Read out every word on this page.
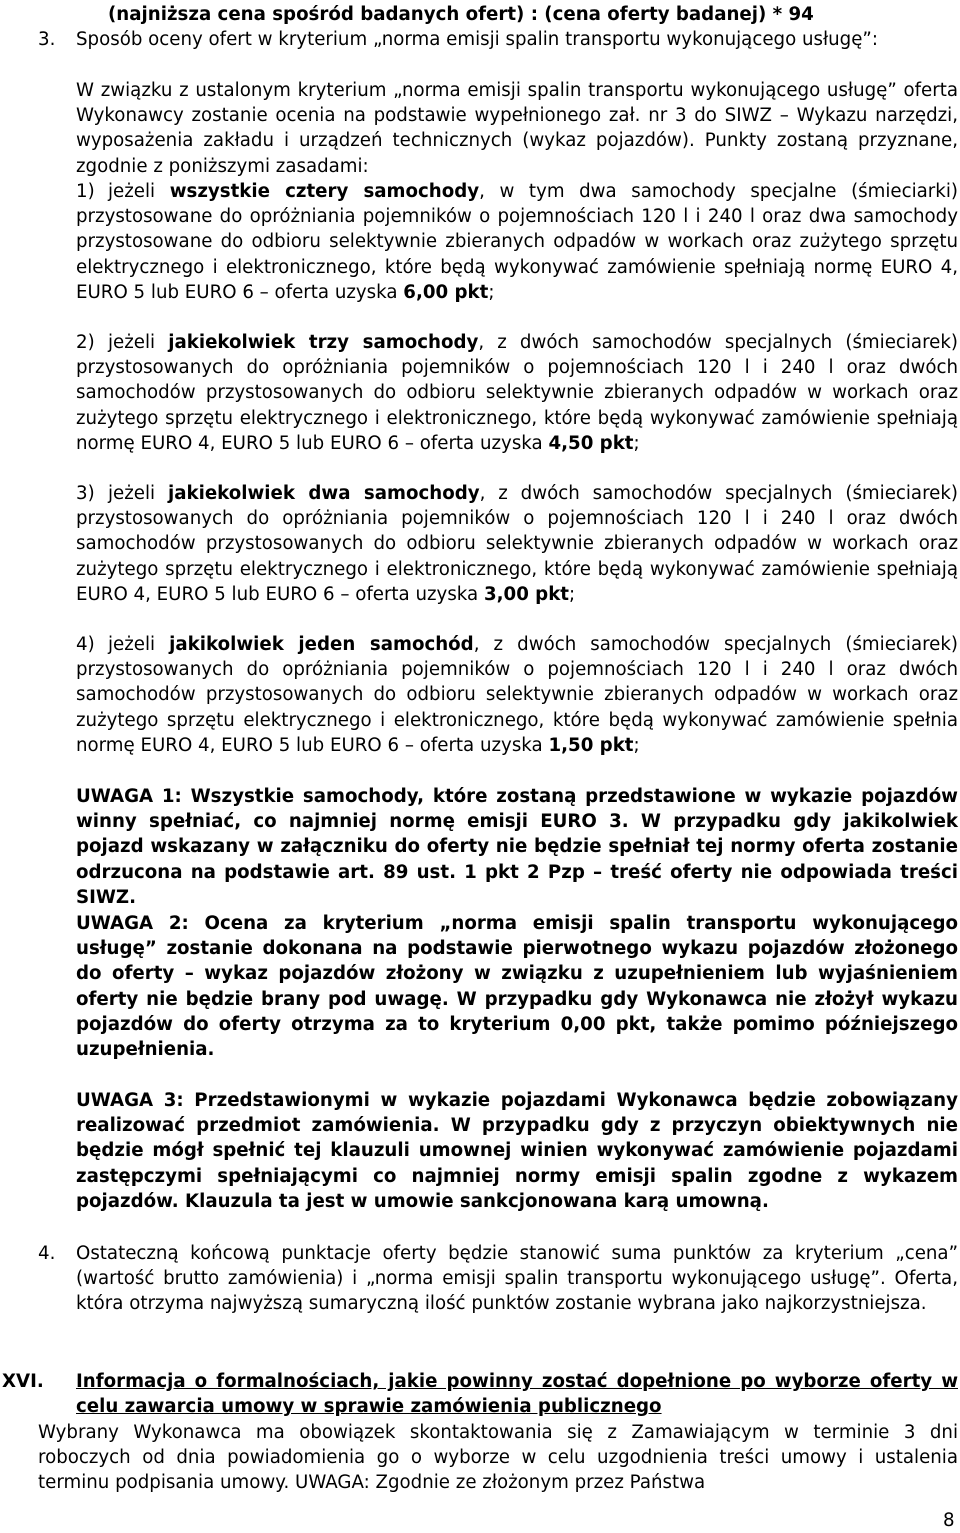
(najniższa cena spośród badanych ofert) : (cena oferty badanej) * 94
3. Sposób oceny ofert w kryterium „norma emisji spalin transportu wykonującego usługę”:
W związku z ustalonym kryterium „norma emisji spalin transportu wykonującego usługę” oferta Wykonawcy zostanie ocenia na podstawie wypełnionego zał. nr 3 do SIWZ – Wykazu narzędzi, wyposażenia zakładu i urządzeń technicznych (wykaz pojazdów). Punkty zostaną przyznane, zgodnie z poniższymi zasadami:
1) jeżeli wszystkie cztery samochody, w tym dwa samochody specjalne (śmieciarki) przystosowane do opróżniania pojemników o pojemnościach 120 l i 240 l oraz dwa samochody przystosowane do odbioru selektywnie zbieranych odpadów w workach oraz zużytego sprzętu elektrycznego i elektronicznego, które będą wykonywać zamówienie spełniają normę EURO 4, EURO 5 lub EURO 6 – oferta uzyska 6,00 pkt;
2) jeżeli jakiekolwiek trzy samochody, z dwóch samochodów specjalnych (śmieciarek) przystosowanych do opróżniania pojemników o pojemnościach 120 l i 240 l oraz dwóch samochodów przystosowanych do odbioru selektywnie zbieranych odpadów w workach oraz zużytego sprzętu elektrycznego i elektronicznego, które będą wykonywać zamówienie spełniają normę EURO 4, EURO 5 lub EURO 6 – oferta uzyska 4,50 pkt;
3) jeżeli jakiekolwiek dwa samochody, z dwóch samochodów specjalnych (śmieciarek) przystosowanych do opróżniania pojemników o pojemnościach 120 l i 240 l oraz dwóch samochodów przystosowanych do odbioru selektywnie zbieranych odpadów w workach oraz zużytego sprzętu elektrycznego i elektronicznego, które będą wykonywać zamówienie spełniają EURO 4, EURO 5 lub EURO 6 – oferta uzyska 3,00 pkt;
4) jeżeli jakikolwiek jeden samochód, z dwóch samochodów specjalnych (śmieciarek) przystosowanych do opróżniania pojemników o pojemnościach 120 l i 240 l oraz dwóch samochodów przystosowanych do odbioru selektywnie zbieranych odpadów w workach oraz zużytego sprzętu elektrycznego i elektronicznego, które będą wykonywać zamówienie spełnia normę EURO 4, EURO 5 lub EURO 6 – oferta uzyska 1,50 pkt;
UWAGA 1: Wszystkie samochody, które zostaną przedstawione w wykazie pojazdów winny spełniać, co najmniej normę emisji EURO 3. W przypadku gdy jakikolwiek pojazd wskazany w załączniku do oferty nie będzie spełniał tej normy oferta zostanie odrzucona na podstawie art. 89 ust. 1 pkt 2 Pzp – treść oferty nie odpowiada treści SIWZ.
UWAGA 2: Ocena za kryterium „norma emisji spalin transportu wykonującego usługę” zostanie dokonana na podstawie pierwotnego wykazu pojazdów złożonego do oferty – wykaz pojazdów złożony w związku z uzupełnieniem lub wyjaśnieniem oferty nie będzie brany pod uwagę. W przypadku gdy Wykonawca nie złożył wykazu pojazdów do oferty otrzyma za to kryterium 0,00 pkt, także pomimo późniejszego uzupełnienia.
UWAGA 3: Przedstawionymi w wykazie pojazdami Wykonawca będzie zobowiązany realizować przedmiot zamówienia. W przypadku gdy z przyczyn obiektywnych nie będzie mógł spełnić tej klauzuli umownej winien wykonywać zamówienie pojazdami zastępczymi spełniającymi co najmniej normy emisji spalin zgodne z wykazem pojazdów. Klauzula ta jest w umowie sankcjonowana karą umowną.
4. Ostateczną końcową punktacje oferty będzie stanowić suma punktów za kryterium „cena” (wartość brutto zamówienia) i „norma emisji spalin transportu wykonującego usługę”. Oferta, która otrzyma najwyższą sumaryczną ilość punktów zostanie wybrana jako najkorzystniejsza.
XVI. Informacja o formalnościach, jakie powinny zostać dopełnione po wyborze oferty w celu zawarcia umowy w sprawie zamówienia publicznego
Wybrany Wykonawca ma obowiązek skontaktowania się z Zamawiającym w terminie 3 dni roboczych od dnia powiadomienia go o wyborze w celu uzgodnienia treści umowy i ustalenia terminu podpisania umowy. UWAGA: Zgodnie ze złożonym przez Państwa
8
